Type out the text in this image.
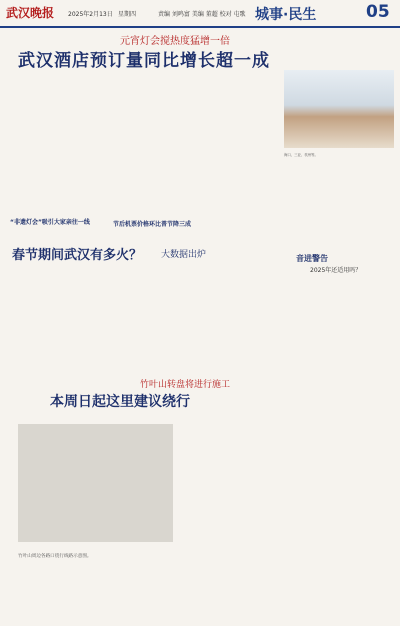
武汉晚报 2025年2月13日 星期四	责编 刘鸣富 美编 董超 校对 屯歌 城事·民生	05
元宵灯会搅热度猛增一倍
武汉酒店预订量同比增长超一成
“非遗灯会”吸引大家亲往一线	节后机票价格环比普节降三成
海口、三亚、杭州等。
春节期间武汉有多火？ 大数据出炉	音进警告
2025年还适用吗？
竹叶山转盘将进行施工
本周日起这里建议绕行
竹叶山周边各路口绕行线路示意图。
